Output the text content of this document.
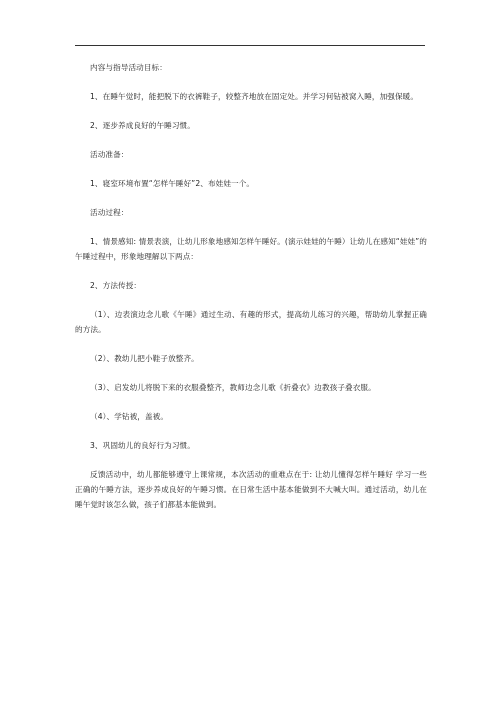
内容与指导活动目标：

1、在睡午觉时，能把脱下的衣裤鞋子，较整齐地放在固定处。并学习何钻被窝入睡，加强保暖。

2、逐步养成良好的午睡习惯。

活动准备：

1、寝室环境布置“怎样午睡好”2、布娃娃一个。

活动过程：

1、情景感知: 情景表演，让幼儿形象地感知怎样午睡好。(演示娃娃的午睡）让幼儿在感知“娃娃”的午睡过程中，形象地理解以下两点：

2、方法传授：

（1）、边表演边念儿歌《午睡》通过生动、有趣的形式，提高幼儿练习的兴趣，帮助幼儿掌握正确的方法。

（2）、教幼儿把小鞋子放整齐。

（3）、启发幼儿将脱下来的衣服叠整齐，教师边念儿歌《折叠衣》边教孩子叠衣服。

（4）、学钻被，盖被。

3、巩固幼儿的良好行为习惯。

反馈活动中，幼儿都能够遵守上课常规，本次活动的重难点在于: 让幼儿懂得怎样午睡好 学习一些正确的午睡方法，逐步养成良好的午睡习惯。在日常生活中基本能做到不大喊大叫。通过活动，幼儿在睡午觉时该怎么做，孩子们都基本能做到。
